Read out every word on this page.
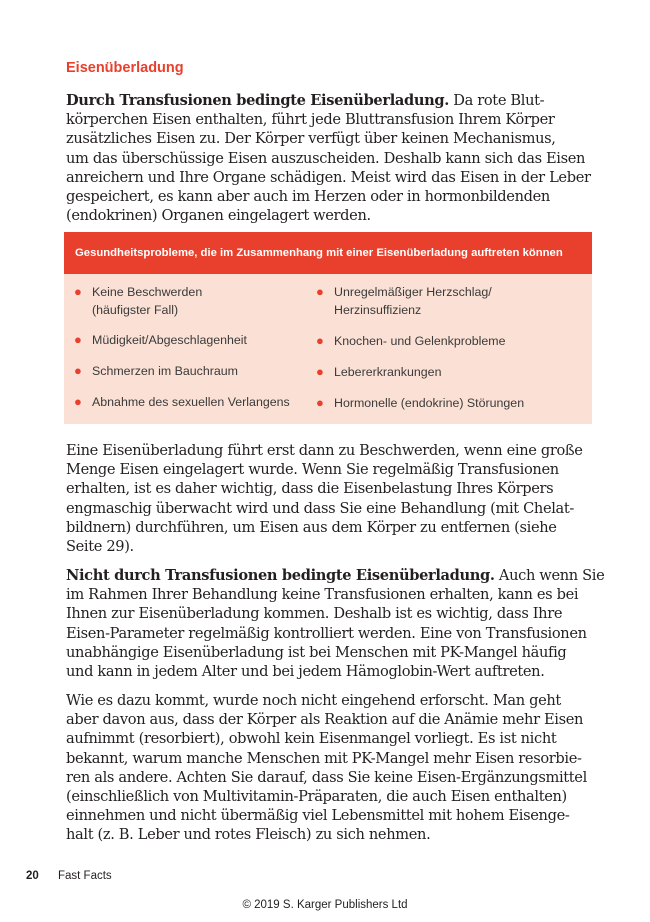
Eisenüberladung
Durch Transfusionen bedingte Eisenüberladung. Da rote Blut-
körperchen Eisen enthalten, führt jede Bluttransfusion Ihrem Körper
zusätzliches Eisen zu. Der Körper verfügt über keinen Mechanismus,
um das überschüssige Eisen auszuscheiden. Deshalb kann sich das Eisen
anreichern und Ihre Organe schädigen. Meist wird das Eisen in der Leber
gespeichert, es kann aber auch im Herzen oder in hormonbildenden
(endokrinen) Organen eingelagert werden.
Gesundheitsprobleme, die im Zusammenhang mit einer Eisenüberladung auftreten können
● Keine Beschwerden
(häufigster Fall)
● Müdigkeit/Abgeschlagenheit
● Schmerzen im Bauchraum
● Abnahme des sexuellen Verlangens
● Unregelmäßiger Herzschlag/
Herzinsuffizienz
● Knochen- und Gelenkprobleme
● Lebererkrankungen
● Hormonelle (endokrine) Störungen
Eine Eisenüberladung führt erst dann zu Beschwerden, wenn eine große
Menge Eisen eingelagert wurde. Wenn Sie regelmäßig Transfusionen
erhalten, ist es daher wichtig, dass die Eisenbelastung Ihres Körpers
engmaschig überwacht wird und dass Sie eine Behandlung (mit Chelat-
bildnern) durchführen, um Eisen aus dem Körper zu entfernen (siehe
Seite 29).
Nicht durch Transfusionen bedingte Eisenüberladung. Auch wenn Sie
im Rahmen Ihrer Behandlung keine Transfusionen erhalten, kann es bei
Ihnen zur Eisenüberladung kommen. Deshalb ist es wichtig, dass Ihre
Eisen-Parameter regelmäßig kontrolliert werden. Eine von Transfusionen
unabhängige Eisenüberladung ist bei Menschen mit PK-Mangel häufig
und kann in jedem Alter und bei jedem Hämoglobin-Wert auftreten.
Wie es dazu kommt, wurde noch nicht eingehend erforscht. Man geht
aber davon aus, dass der Körper als Reaktion auf die Anämie mehr Eisen
aufnimmt (resorbiert), obwohl kein Eisenmangel vorliegt. Es ist nicht
bekannt, warum manche Menschen mit PK-Mangel mehr Eisen resorbie-
ren als andere. Achten Sie darauf, dass Sie keine Eisen-Ergänzungsmittel
(einschließlich von Multivitamin-Präparaten, die auch Eisen enthalten)
einnehmen und nicht übermäßig viel Lebensmittel mit hohem Eisenge-
halt (z. B. Leber und rotes Fleisch) zu sich nehmen.
20 Fast Facts
© 2019 S. Karger Publishers Ltd
